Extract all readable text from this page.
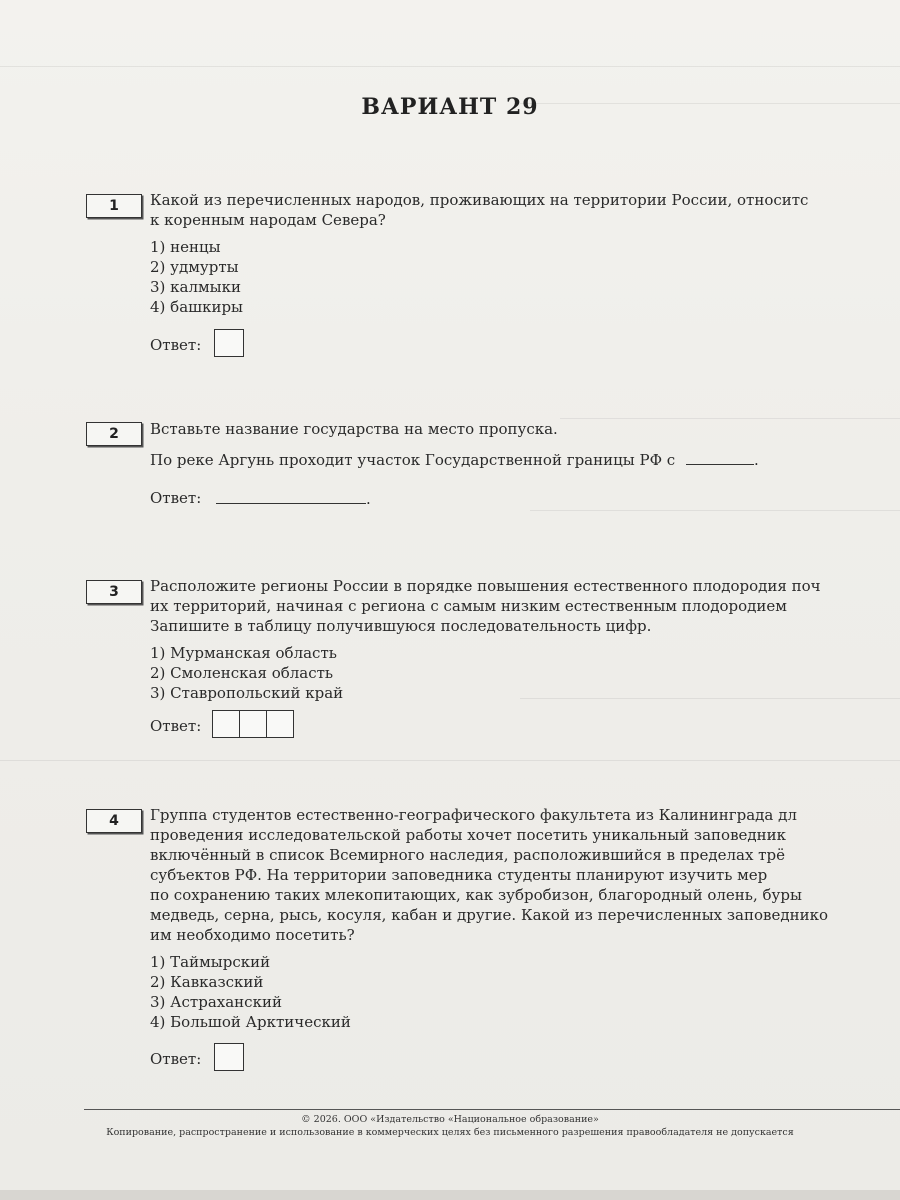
ВАРИАНТ 29
1	Какой из перечисленных народов, проживающих на территории России, относитс
к коренным народам Севера?
1) ненцы
2) удмурты
3) калмыки
4) башкиры
Ответ:
2	Вставьте название государства на место пропуска.
По реке Аргунь проходит участок Государственной границы РФ с	.
Ответ:	.
3	Расположите регионы России в порядке повышения естественного плодородия поч
их территорий, начиная с региона с самым низким естественным плодородием
Запишите в таблицу получившуюся последовательность цифр.
1) Мурманская область
2) Смоленская область
3) Ставропольский край
Ответ:
4	Группа студентов естественно-географического факультета из Калининграда дл
проведения исследовательской работы хочет посетить уникальный заповедник
включённый в список Всемирного наследия, расположившийся в пределах трё
субъектов РФ. На территории заповедника студенты планируют изучить мер
по сохранению таких млекопитающих, как зубробизон, благородный олень, буры
медведь, серна, рысь, косуля, кабан и другие. Какой из перечисленных заповеднико
им необходимо посетить?
1) Таймырский
2) Кавказский
3) Астраханский
4) Большой Арктический
Ответ:
© 2026. ООО «Издательство «Национальное образование»
Копирование, распространение и использование в коммерческих целях без письменного разрешения правообладателя не допускается
